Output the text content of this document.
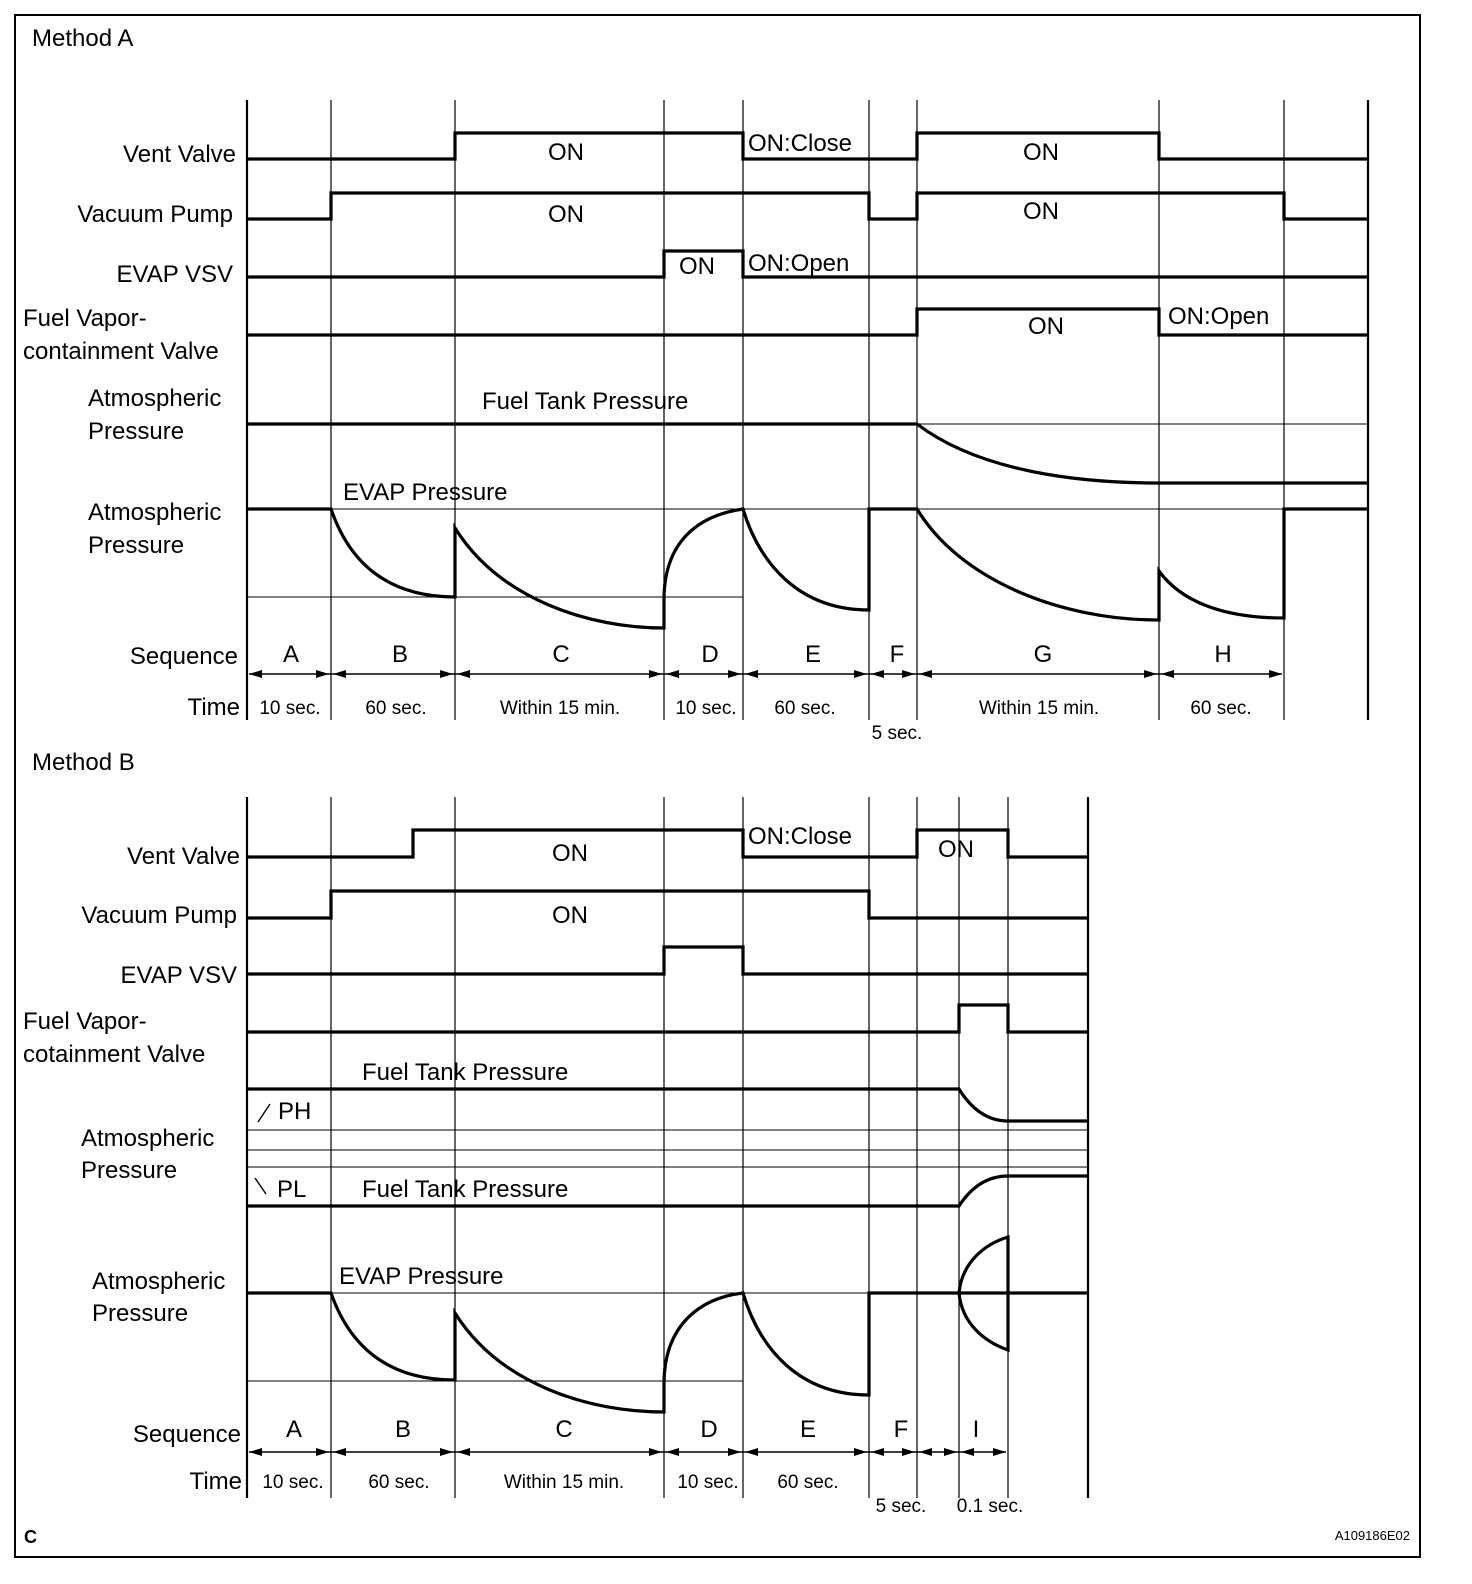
Method A
Vent Valve
Vacuum Pump
EVAP VSV
Fuel Vapor-
containment Valve
Atmospheric
Pressure
Atmospheric
Pressure
Sequence
Time
ON	ON:Close	ON
ON	ON
ON ON:Open
ON	ON:Open
Fuel Tank Pressure
EVAP Pressure
A	B	C	D	E	F	G	H
10 sec. 60 sec.	Within 15 min.	10 sec. 60 sec.
5 sec.
Within 15 min.	60 sec.
Method B
Vent Valve
Vacuum Pump
EVAP VSV
Fuel Vapor-
cotainment Valve
Atmospheric
Pressure
Atmospheric
Pressure
Sequence
Time
ON
ON:Close	ON
ON
Fuel Tank Pressure
PH
PL Fuel Tank Pressure
EVAP Pressure
A	B	C	D	E	F	I
10 sec. 60 sec.	Within 15 min.	10 sec. 60 sec.
5 sec. 0.1 sec.
C	A109186E02
